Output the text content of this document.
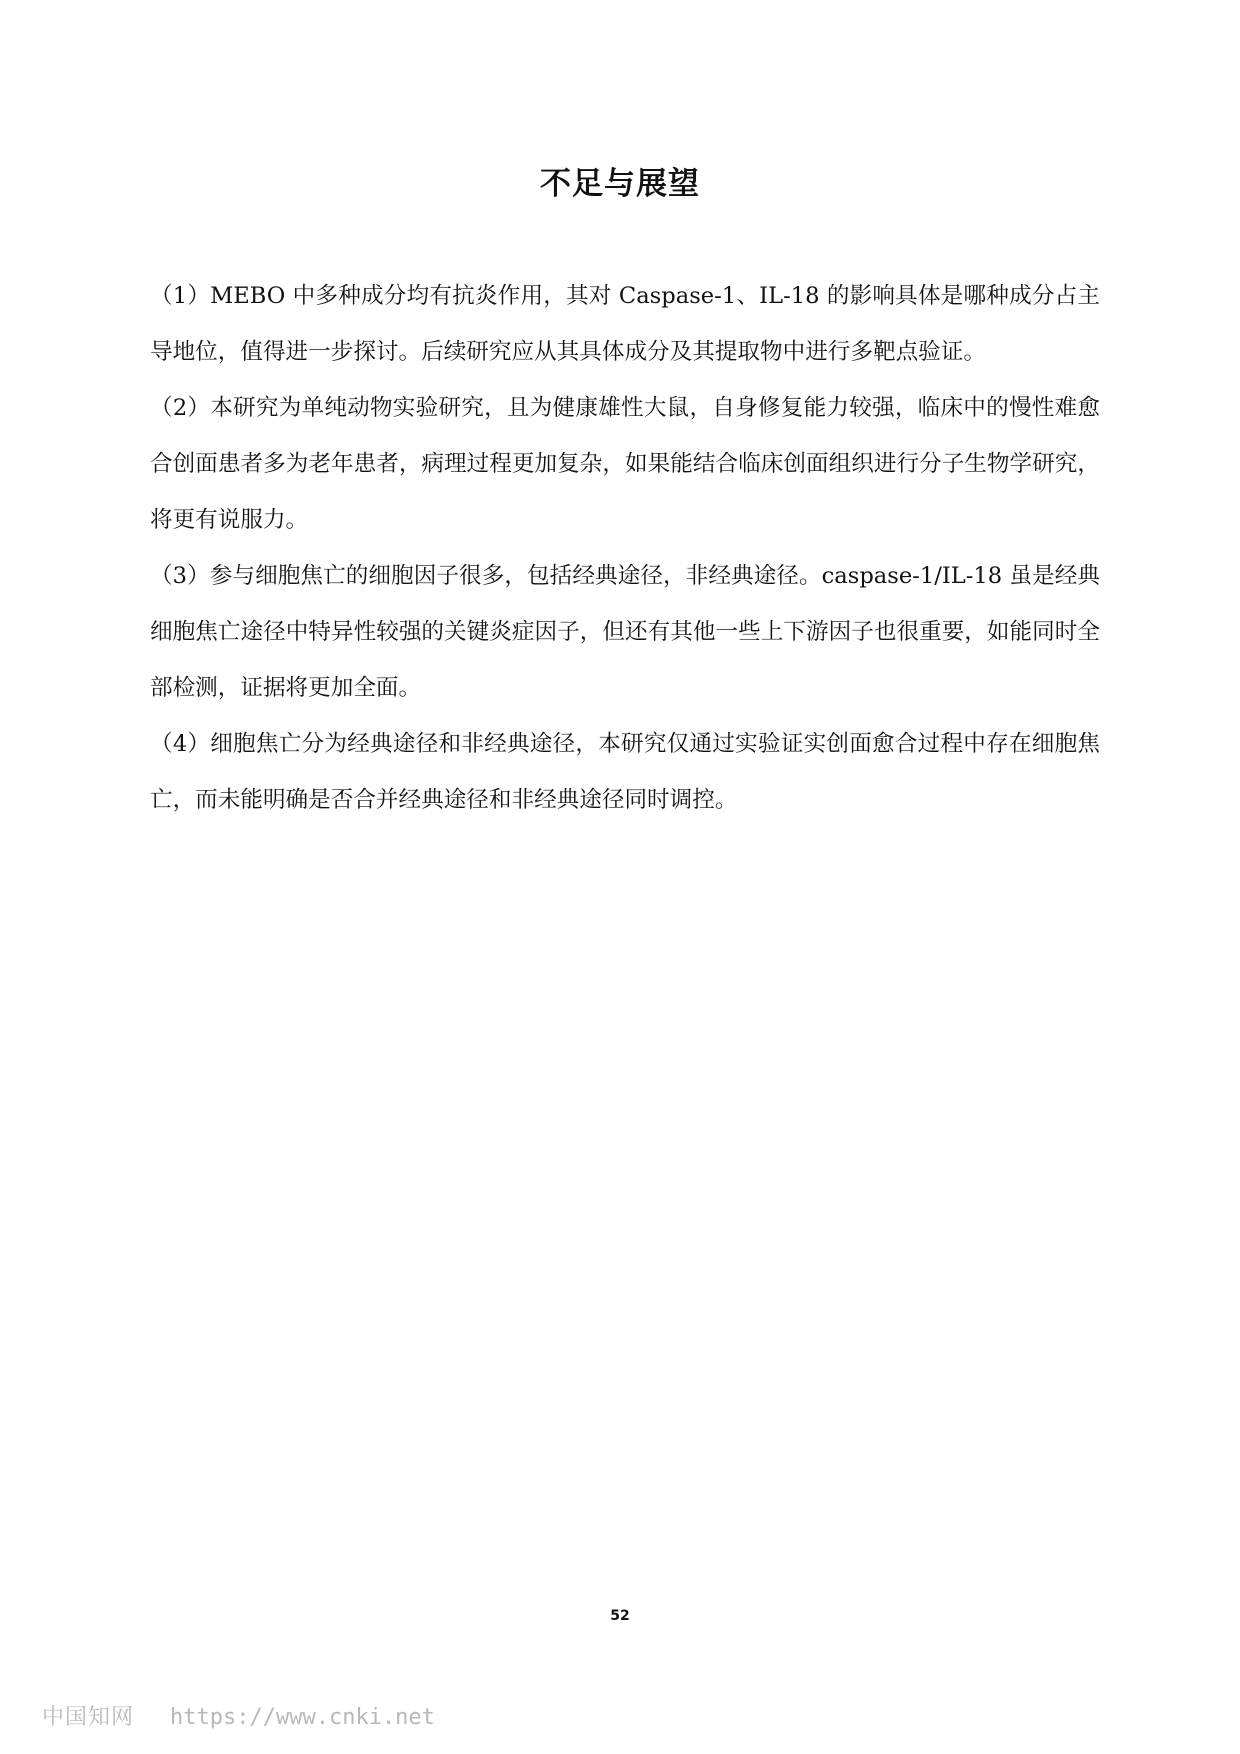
不足与展望

（1）MEBO 中多种成分均有抗炎作用，其对 Caspase-1、IL-18 的影响具体是哪种成分占主导地位，值得进一步探讨。后续研究应从其具体成分及其提取物中进行多靶点验证。

（2）本研究为单纯动物实验研究，且为健康雄性大鼠，自身修复能力较强，临床中的慢性难愈合创面患者多为老年患者，病理过程更加复杂，如果能结合临床创面组织进行分子生物学研究，将更有说服力。

（3）参与细胞焦亡的细胞因子很多，包括经典途径，非经典途径。caspase-1/IL-18 虽是经典细胞焦亡途径中特异性较强的关键炎症因子，但还有其他一些上下游因子也很重要，如能同时全部检测，证据将更加全面。

（4）细胞焦亡分为经典途径和非经典途径，本研究仅通过实验证实创面愈合过程中存在细胞焦亡，而未能明确是否合并经典途径和非经典途径同时调控。

52

中国知网 https://www.cnki.net
